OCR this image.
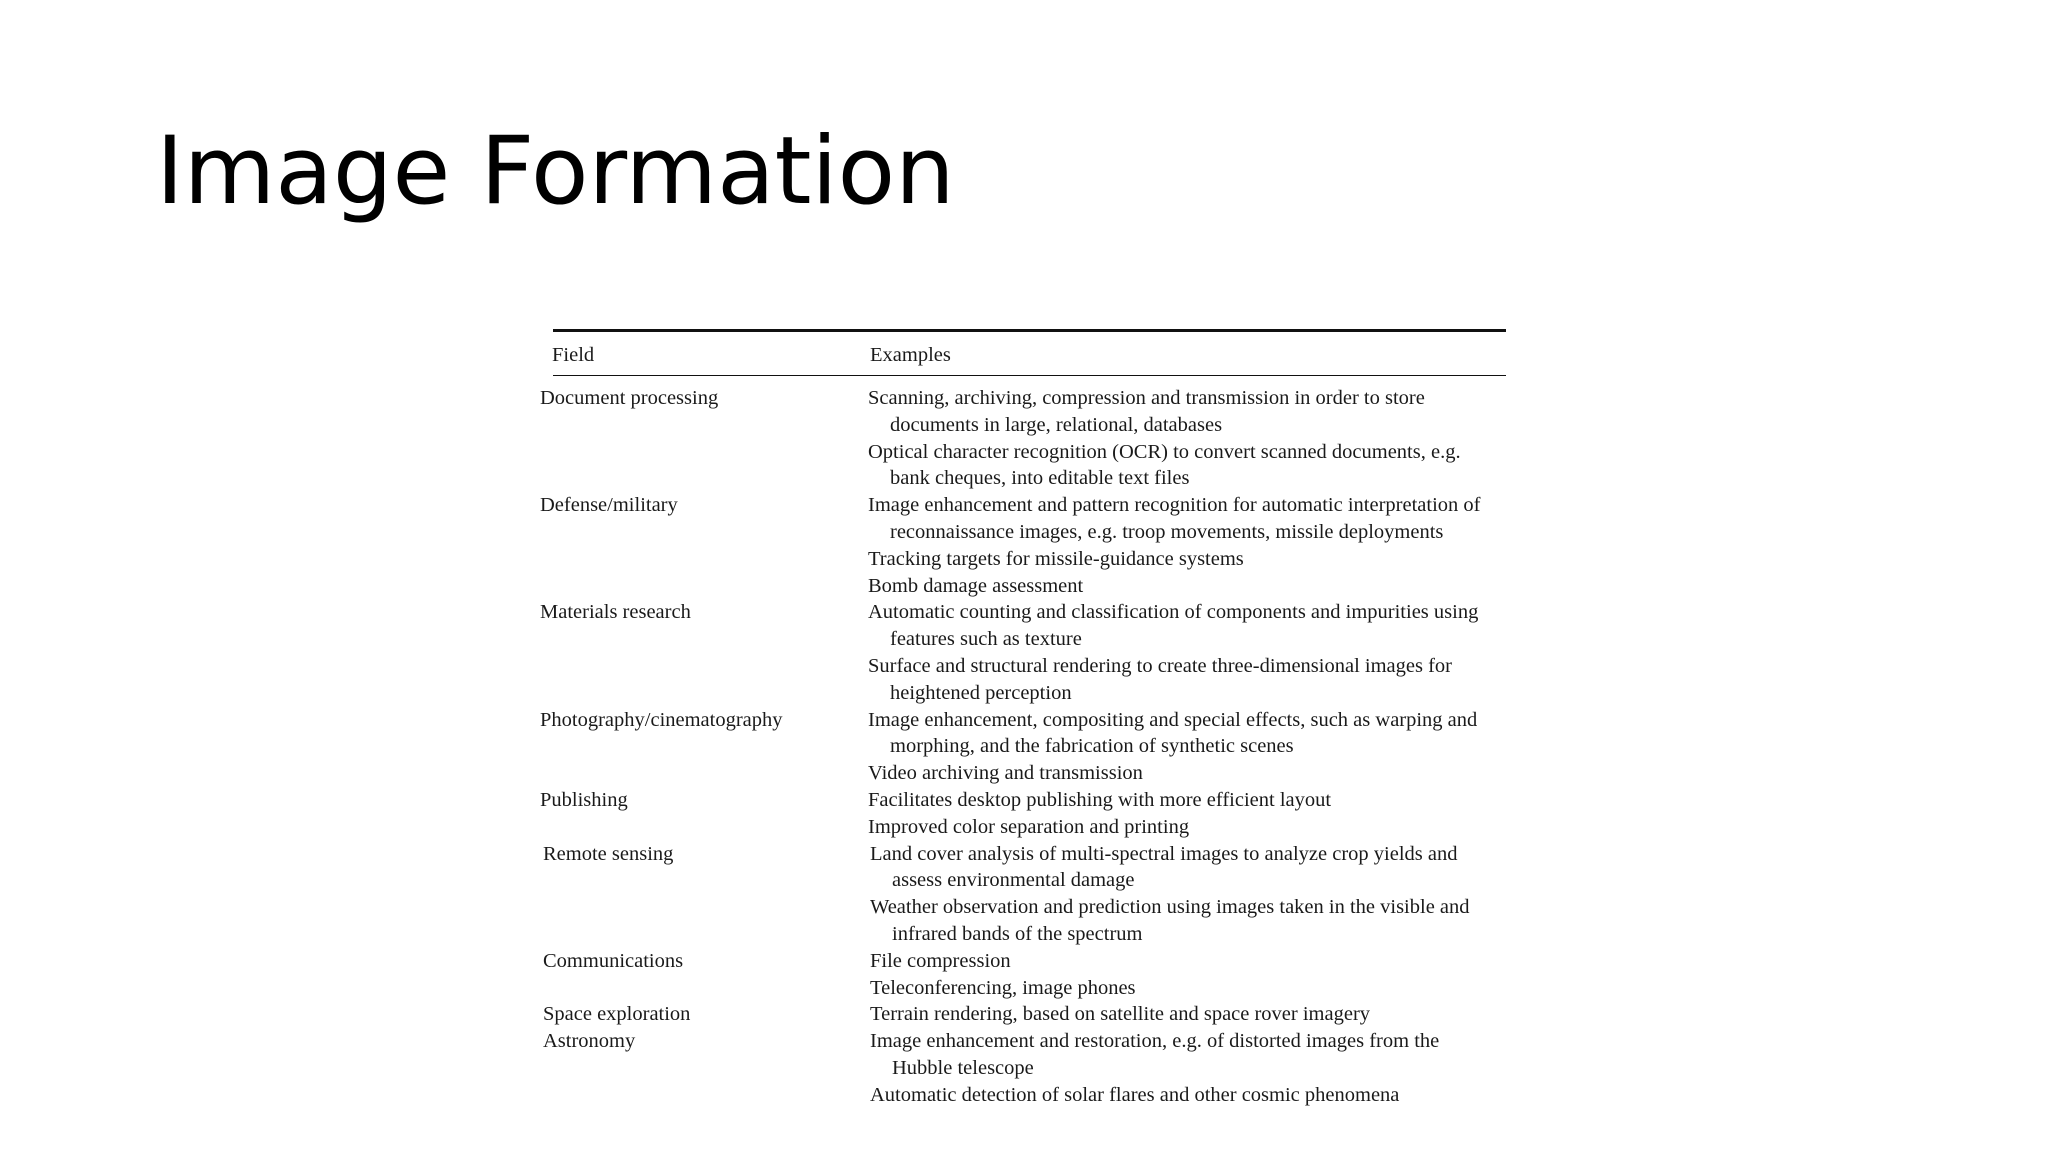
Image Formation
Field	Examples
Document processing	Scanning, archiving, compression and transmission in order to store
documents in large, relational, databases
Optical character recognition (OCR) to convert scanned documents, e.g.
bank cheques, into editable text files
Defense/military	Image enhancement and pattern recognition for automatic interpretation of
reconnaissance images, e.g. troop movements, missile deployments
Tracking targets for missile-guidance systems
Bomb damage assessment
Materials research	Automatic counting and classification of components and impurities using
features such as texture
Surface and structural rendering to create three-dimensional images for
heightened perception
Photography/cinematography	Image enhancement, compositing and special effects, such as warping and
morphing, and the fabrication of synthetic scenes
Video archiving and transmission
Publishing	Facilitates desktop publishing with more efficient layout
Improved color separation and printing
Remote sensing	Land cover analysis of multi-spectral images to analyze crop yields and
assess environmental damage
Weather observation and prediction using images taken in the visible and
infrared bands of the spectrum
Communications	File compression
Teleconferencing, image phones
Space exploration	Terrain rendering, based on satellite and space rover imagery
Astronomy	Image enhancement and restoration, e.g. of distorted images from the
Hubble telescope
Automatic detection of solar flares and other cosmic phenomena
